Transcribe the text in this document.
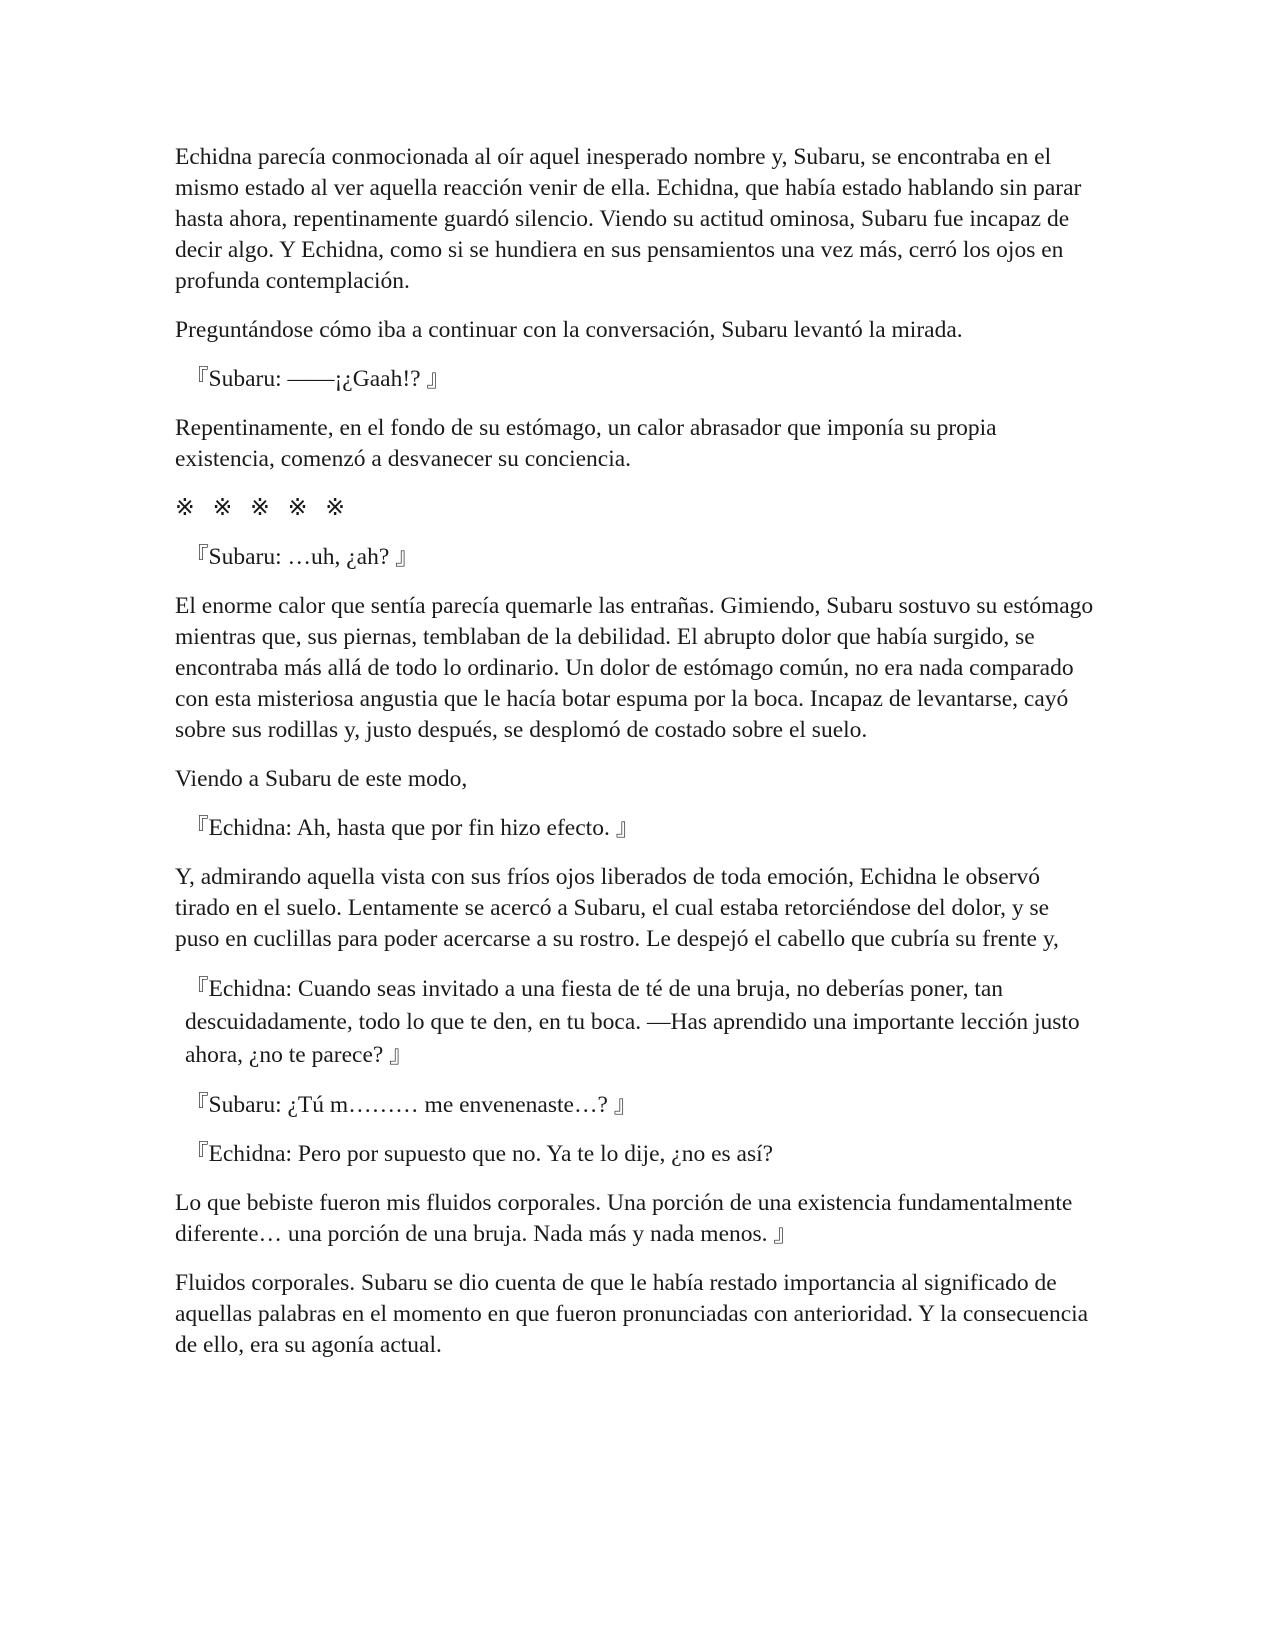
Echidna parecía conmocionada al oír aquel inesperado nombre y, Subaru, se encontraba en el mismo estado al ver aquella reacción venir de ella. Echidna, que había estado hablando sin parar hasta ahora, repentinamente guardó silencio. Viendo su actitud ominosa, Subaru fue incapaz de decir algo. Y Echidna, como si se hundiera en sus pensamientos una vez más, cerró los ojos en profunda contemplación.

Preguntándose cómo iba a continuar con la conversación, Subaru levantó la mirada.

『Subaru: ——¡¿Gaah!? 』

Repentinamente, en el fondo de su estómago, un calor abrasador que imponía su propia existencia, comenzó a desvanecer su conciencia.

※ ※ ※ ※ ※

『Subaru: …uh, ¿ah? 』

El enorme calor que sentía parecía quemarle las entrañas. Gimiendo, Subaru sostuvo su estómago mientras que, sus piernas, temblaban de la debilidad. El abrupto dolor que había surgido, se encontraba más allá de todo lo ordinario. Un dolor de estómago común, no era nada comparado con esta misteriosa angustia que le hacía botar espuma por la boca. Incapaz de levantarse, cayó sobre sus rodillas y, justo después, se desplomó de costado sobre el suelo.

Viendo a Subaru de este modo,

『Echidna: Ah, hasta que por fin hizo efecto. 』

Y, admirando aquella vista con sus fríos ojos liberados de toda emoción, Echidna le observó tirado en el suelo. Lentamente se acercó a Subaru, el cual estaba retorciéndose del dolor, y se puso en cuclillas para poder acercarse a su rostro. Le despejó el cabello que cubría su frente y,

『Echidna: Cuando seas invitado a una fiesta de té de una bruja, no deberías poner, tan descuidadamente, todo lo que te den, en tu boca. —Has aprendido una importante lección justo ahora, ¿no te parece? 』

『Subaru: ¿Tú m……… me envenenaste…? 』

『Echidna: Pero por supuesto que no. Ya te lo dije, ¿no es así?

Lo que bebiste fueron mis fluidos corporales. Una porción de una existencia fundamentalmente diferente… una porción de una bruja. Nada más y nada menos. 』

Fluidos corporales. Subaru se dio cuenta de que le había restado importancia al significado de aquellas palabras en el momento en que fueron pronunciadas con anterioridad. Y la consecuencia de ello, era su agonía actual.
